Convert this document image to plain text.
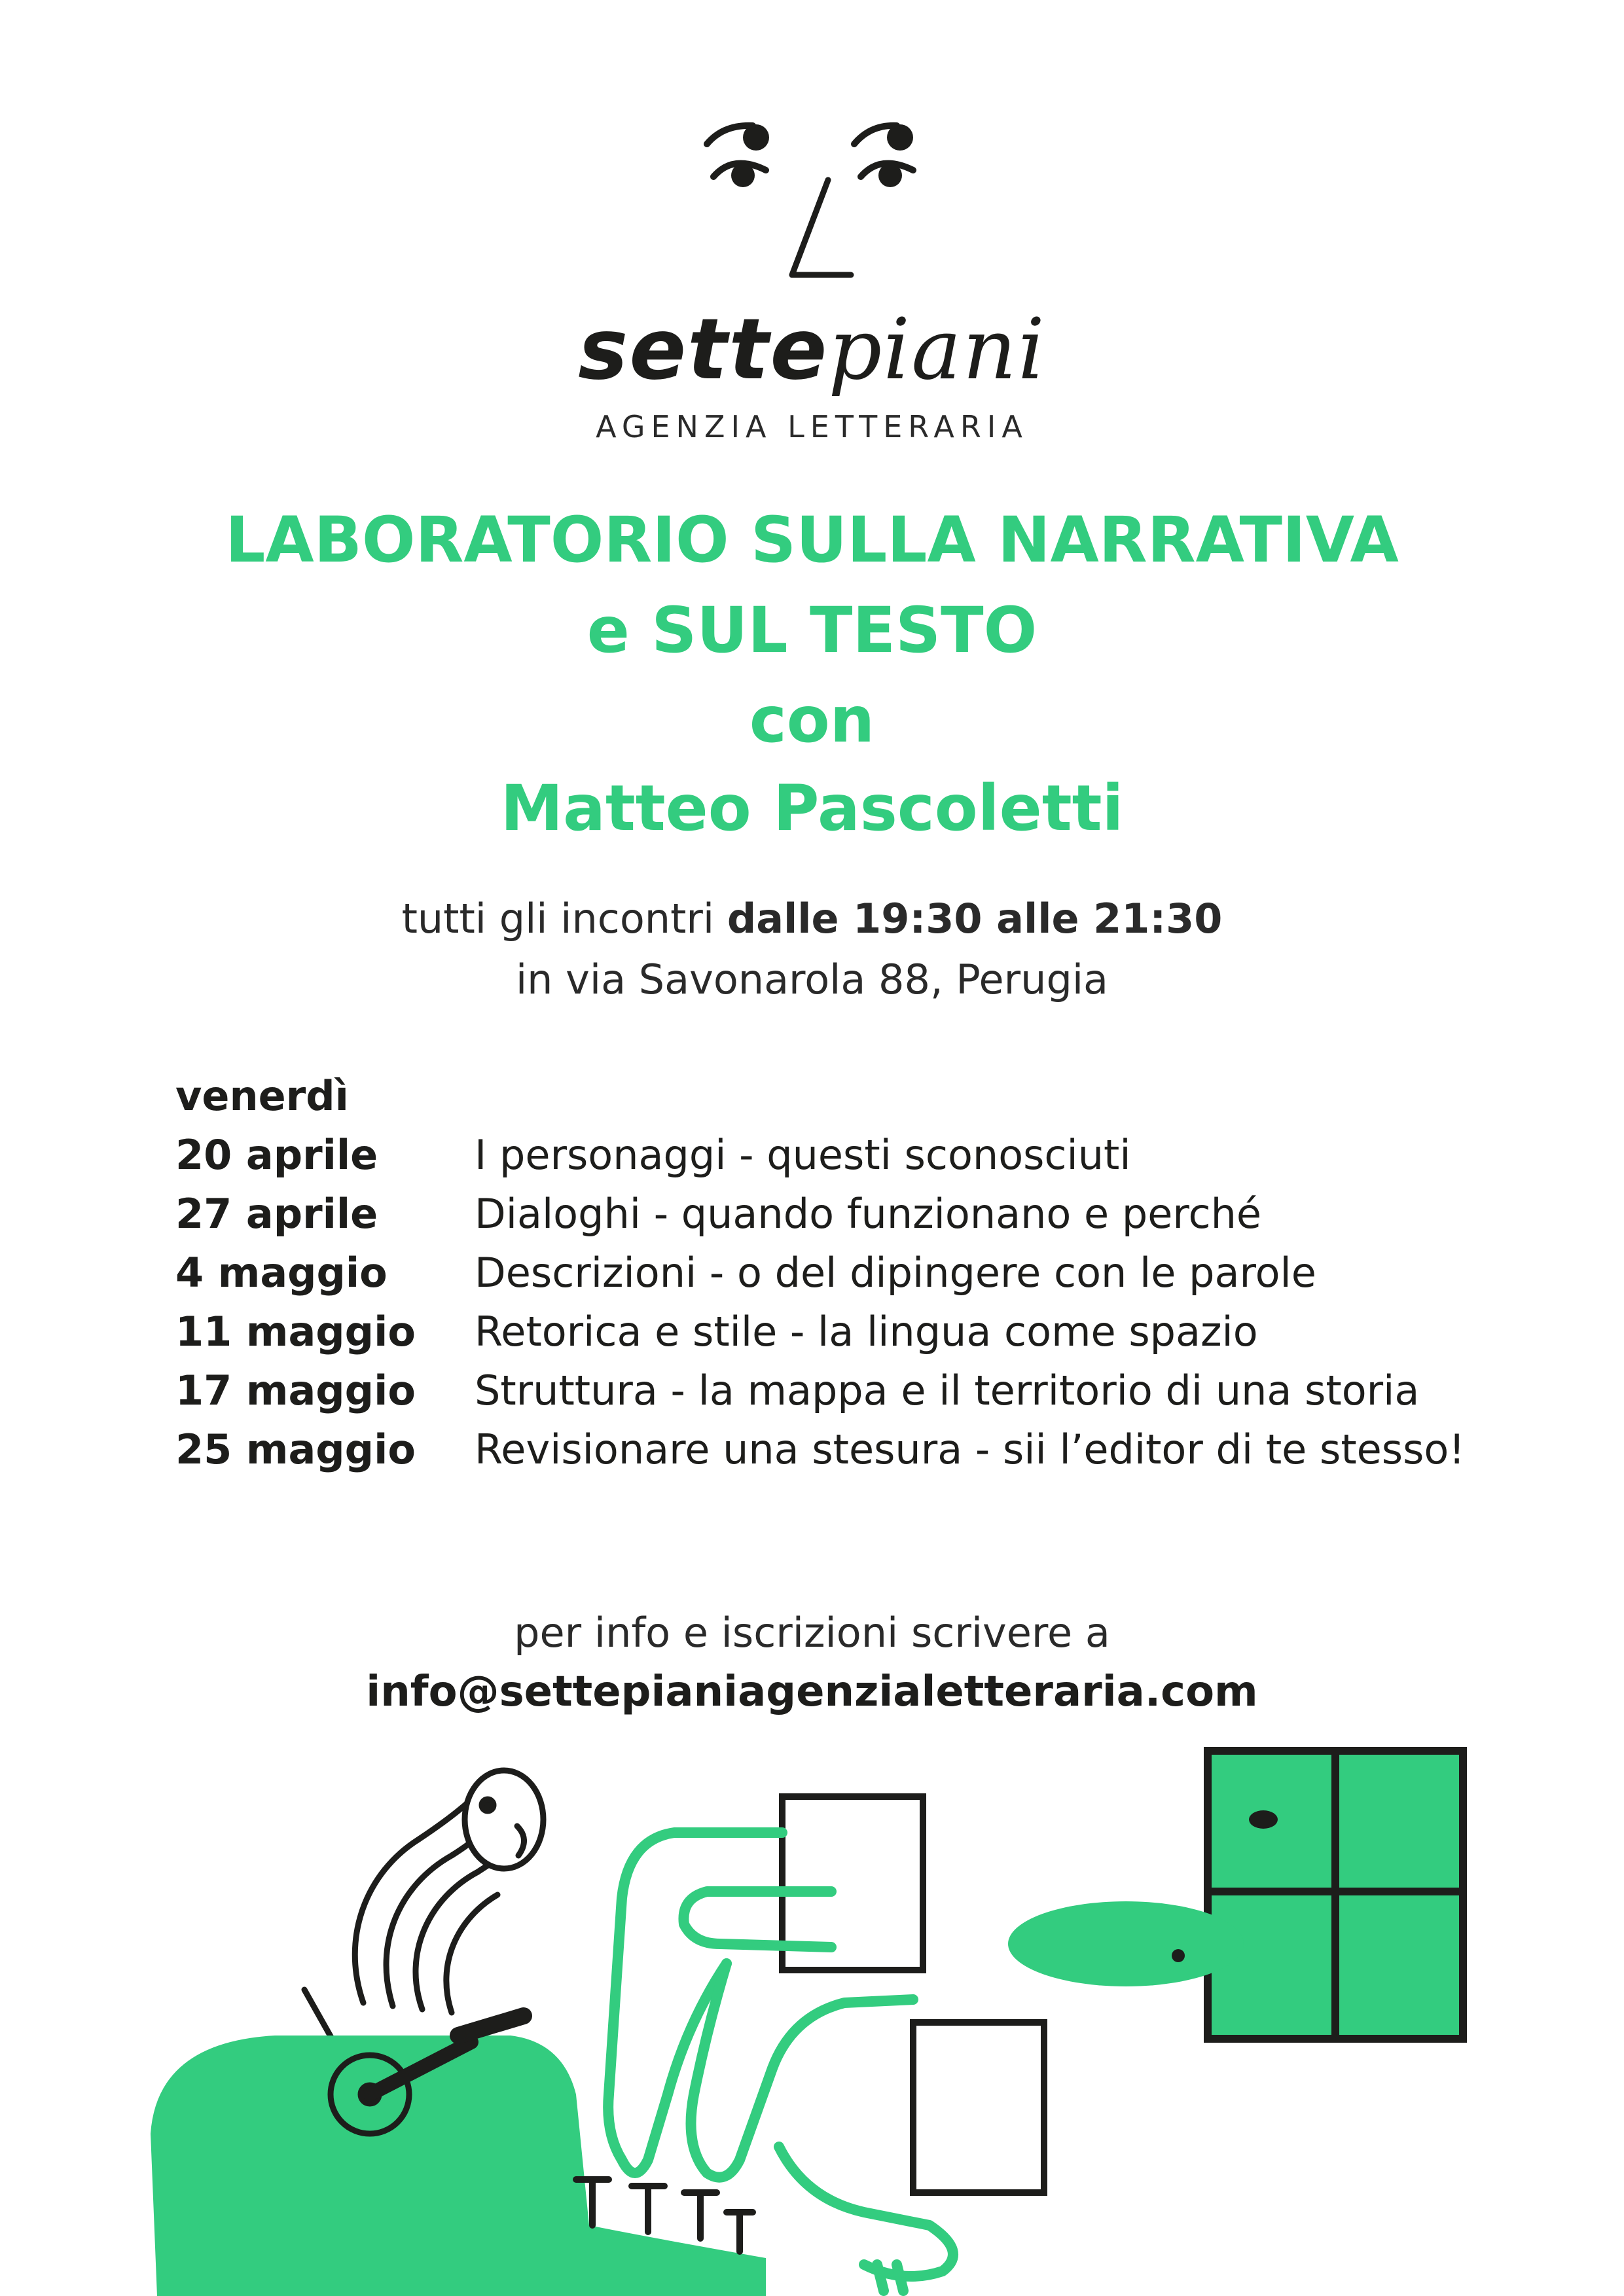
settepiani
AGENZIA LETTERARIA
LABORATORIO SULLA NARRATIVA
e SUL TESTO
con
Matteo Pascoletti
tutti gli incontri dalle 19:30 alle 21:30
in via Savonarola 88, Perugia
venerdì
20 aprile I personaggi - questi sconosciuti
27 aprile Dialoghi - quando funzionano e perché
4 maggio Descrizioni - o del dipingere con le parole
11 maggio Retorica e stile - la lingua come spazio
17 maggio Struttura - la mappa e il territorio di una storia
25 maggio Revisionare una stesura - sii l’editor di te stesso!
per info e iscrizioni scrivere a
info@settepianiagenzialetteraria.com
